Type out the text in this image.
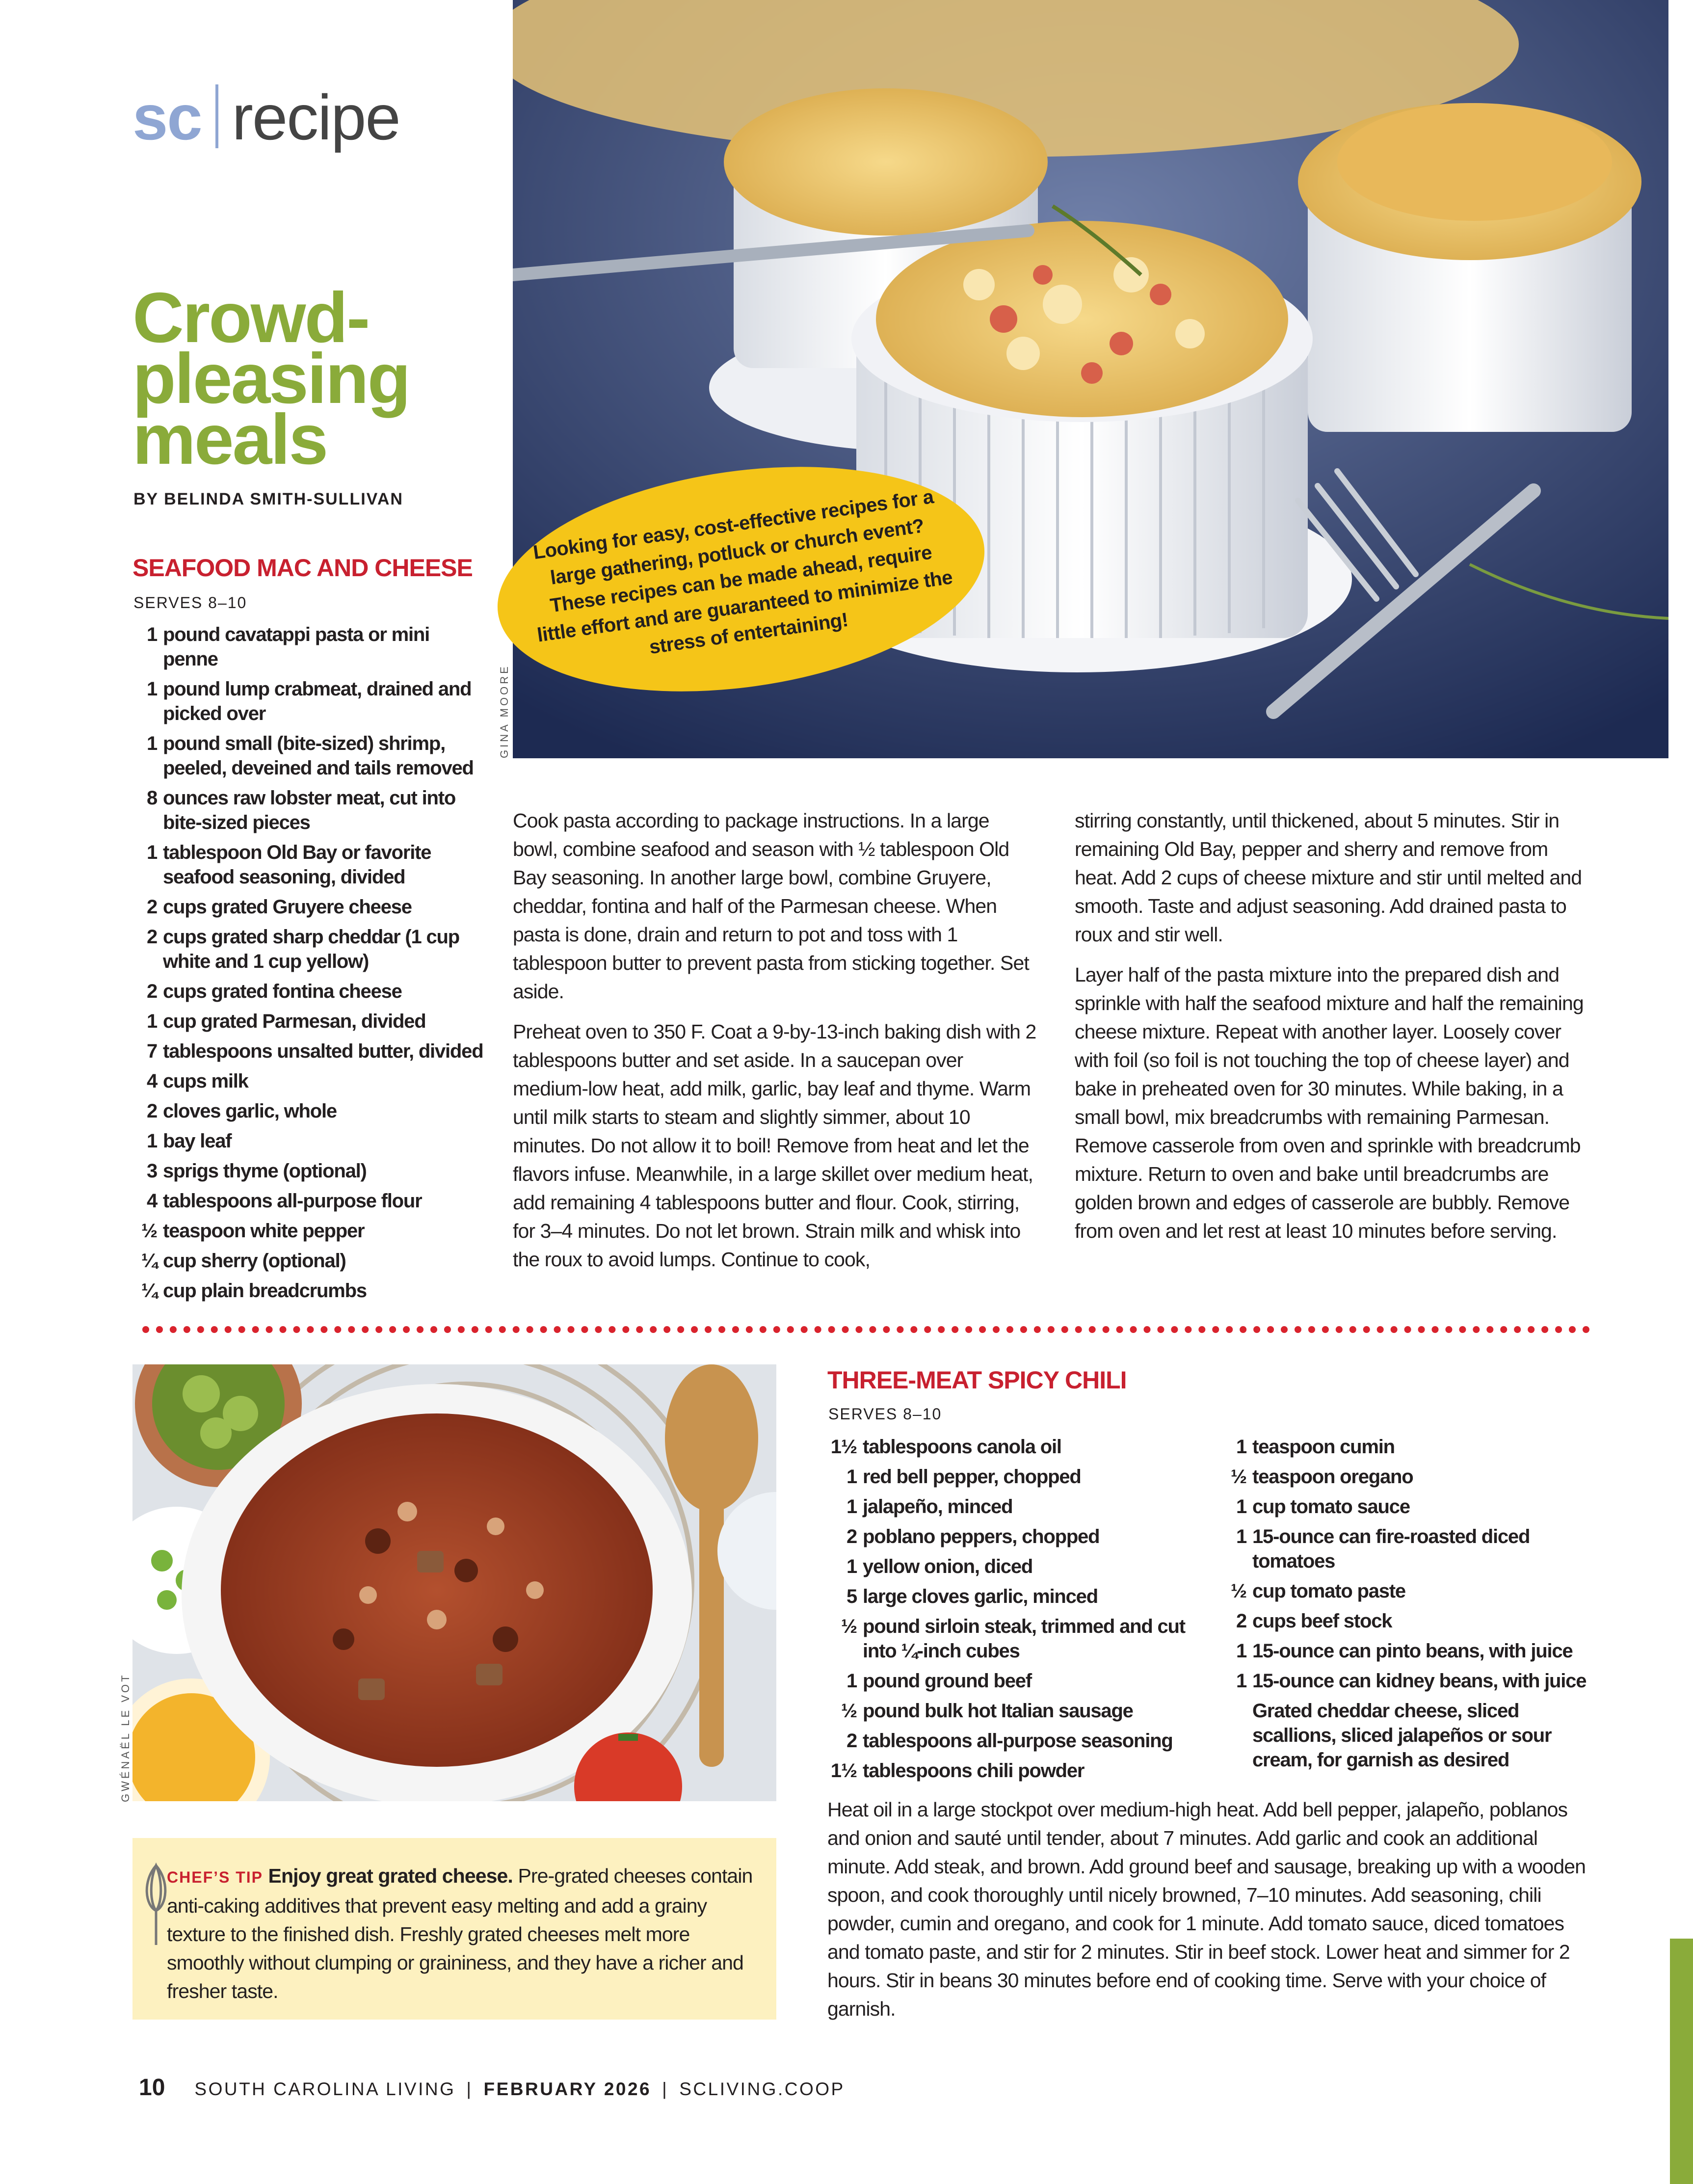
sc recipe
Crowd-pleasing meals
BY BELINDA SMITH-SULLIVAN
GINA MOORE
Looking for easy, cost-effective recipes for a large gathering, potluck or church event? These recipes can be made ahead, require little effort and are guaranteed to minimize the stress of entertaining!
SEAFOOD MAC AND CHEESE
SERVES 8–10
1 pound cavatappi pasta or mini penne
1 pound lump crabmeat, drained and picked over
1 pound small (bite-sized) shrimp, peeled, deveined and tails removed
8 ounces raw lobster meat, cut into bite-sized pieces
1 tablespoon Old Bay or favorite seafood seasoning, divided
2 cups grated Gruyere cheese
2 cups grated sharp cheddar (1 cup white and 1 cup yellow)
2 cups grated fontina cheese
1 cup grated Parmesan, divided
7 tablespoons unsalted butter, divided
4 cups milk
2 cloves garlic, whole
1 bay leaf
3 sprigs thyme (optional)
4 tablespoons all-purpose flour
½ teaspoon white pepper
¼ cup sherry (optional)
¼ cup plain breadcrumbs

Cook pasta according to package instructions. In a large bowl, combine seafood and season with ½ tablespoon Old Bay seasoning. In another large bowl, combine Gruyere, cheddar, fontina and half of the Parmesan cheese. When pasta is done, drain and return to pot and toss with 1 tablespoon butter to prevent pasta from sticking together. Set aside.

Preheat oven to 350 F. Coat a 9-by-13-inch baking dish with 2 tablespoons butter and set aside. In a saucepan over medium-low heat, add milk, garlic, bay leaf and thyme. Warm until milk starts to steam and slightly simmer, about 10 minutes. Do not allow it to boil! Remove from heat and let the flavors infuse. Meanwhile, in a large skillet over medium heat, add remaining 4 tablespoons butter and flour. Cook, stirring, for 3–4 minutes. Do not let brown. Strain milk and whisk into the roux to avoid lumps. Continue to cook,

stirring constantly, until thickened, about 5 minutes. Stir in remaining Old Bay, pepper and sherry and remove from heat. Add 2 cups of cheese mixture and stir until melted and smooth. Taste and adjust seasoning. Add drained pasta to roux and stir well.

Layer half of the pasta mixture into the prepared dish and sprinkle with half the seafood mixture and half the remaining cheese mixture. Repeat with another layer. Loosely cover with foil (so foil is not touching the top of cheese layer) and bake in preheated oven for 30 minutes. While baking, in a small bowl, mix breadcrumbs with remaining Parmesan. Remove casserole from oven and sprinkle with breadcrumb mixture. Return to oven and bake until breadcrumbs are golden brown and edges of casserole are bubbly. Remove from oven and let rest at least 10 minutes before serving.

GWÉNAËL LE VOT
CHEF’S TIP Enjoy great grated cheese. Pre-grated cheeses contain anti-caking additives that prevent easy melting and add a grainy texture to the finished dish. Freshly grated cheeses melt more smoothly without clumping or graininess, and they have a richer and fresher taste.
THREE-MEAT SPICY CHILI
SERVES 8–10
1½ tablespoons canola oil
1 red bell pepper, chopped
1 jalapeño, minced
2 poblano peppers, chopped
1 yellow onion, diced
5 large cloves garlic, minced
½ pound sirloin steak, trimmed and cut into ¼-inch cubes
1 pound ground beef
½ pound bulk hot Italian sausage
2 tablespoons all-purpose seasoning
1½ tablespoons chili powder
1 teaspoon cumin
½ teaspoon oregano
1 cup tomato sauce
1 15-ounce can fire-roasted diced tomatoes
½ cup tomato paste
2 cups beef stock
1 15-ounce can pinto beans, with juice
1 15-ounce can kidney beans, with juice
Grated cheddar cheese, sliced scallions, sliced jalapeños or sour cream, for garnish as desired

Heat oil in a large stockpot over medium-high heat. Add bell pepper, jalapeño, poblanos and onion and sauté until tender, about 7 minutes. Add garlic and cook an additional minute. Add steak, and brown. Add ground beef and sausage, breaking up with a wooden spoon, and cook thoroughly until nicely browned, 7–10 minutes. Add seasoning, chili powder, cumin and oregano, and cook for 1 minute. Add tomato sauce, diced tomatoes and tomato paste, and stir for 2 minutes. Stir in beef stock. Lower heat and simmer for 2 hours. Stir in beans 30 minutes before end of cooking time. Serve with your choice of garnish.

10 SOUTH CAROLINA LIVING | FEBRUARY 2026 | SCLIVING.COOP
